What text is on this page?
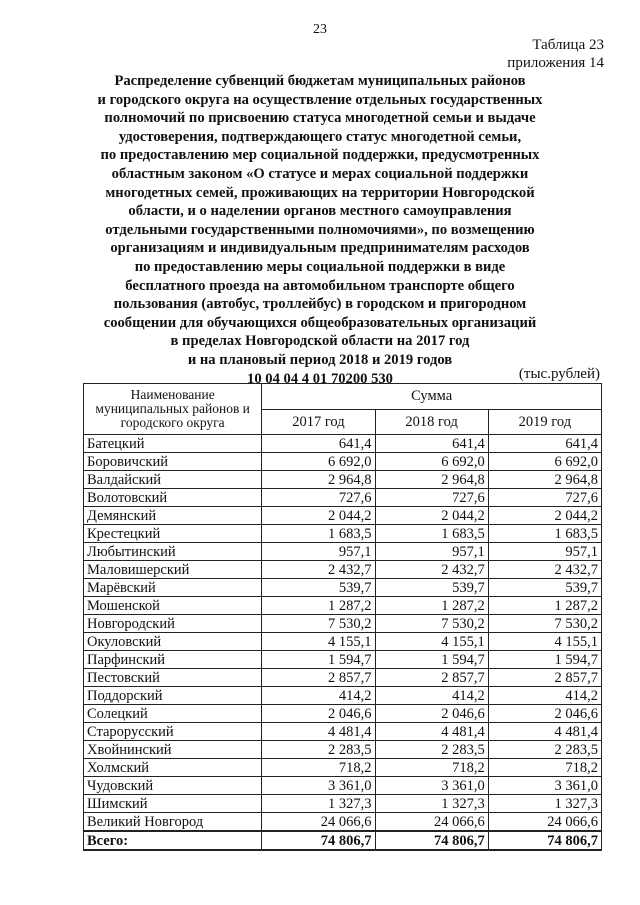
23
Таблица 23
приложения 14
Распределение субвенций бюджетам муниципальных районов
и городского округа на осуществление отдельных государственных
полномочий по присвоению статуса многодетной семьи и выдаче
удостоверения, подтверждающего статус многодетной семьи,
по предоставлению мер социальной поддержки, предусмотренных
областным законом «О статусе и мерах социальной поддержки
многодетных семей, проживающих на территории Новгородской
области, и о наделении органов местного самоуправления
отдельными государственными полномочиями», по возмещению
организациям и индивидуальным предпринимателям расходов
по предоставлению меры социальной поддержки в виде
бесплатного проезда на автомобильном транспорте общего
пользования (автобус, троллейбус) в городском и пригородном
сообщении для обучающихся общеобразовательных организаций
в пределах Новгородской области на 2017 год
и на плановый период 2018 и 2019 годов
10 04 04 4 01 70200 530	(тыс.рублей)
Наименование
муниципальных районов и
городского округа	Сумма		
	2017 год	2018 год	2019 год
Батецкий	641,4	641,4	641,4
Боровичский	6 692,0	6 692,0	6 692,0
Валдайский	2 964,8	2 964,8	2 964,8
Волотовский	727,6	727,6	727,6
Демянский	2 044,2	2 044,2	2 044,2
Крестецкий	1 683,5	1 683,5	1 683,5
Любытинский	957,1	957,1	957,1
Маловишерский	2 432,7	2 432,7	2 432,7
Марёвский	539,7	539,7	539,7
Мошенской	1 287,2	1 287,2	1 287,2
Новгородский	7 530,2	7 530,2	7 530,2
Окуловский	4 155,1	4 155,1	4 155,1
Парфинский	1 594,7	1 594,7	1 594,7
Пестовский	2 857,7	2 857,7	2 857,7
Поддорский	414,2	414,2	414,2
Солецкий	2 046,6	2 046,6	2 046,6
Старорусский	4 481,4	4 481,4	4 481,4
Хвойнинский	2 283,5	2 283,5	2 283,5
Холмский	718,2	718,2	718,2
Чудовский	3 361,0	3 361,0	3 361,0
Шимский	1 327,3	1 327,3	1 327,3
Великий Новгород	24 066,6	24 066,6	24 066,6
Всего:	74 806,7	74 806,7	74 806,7
